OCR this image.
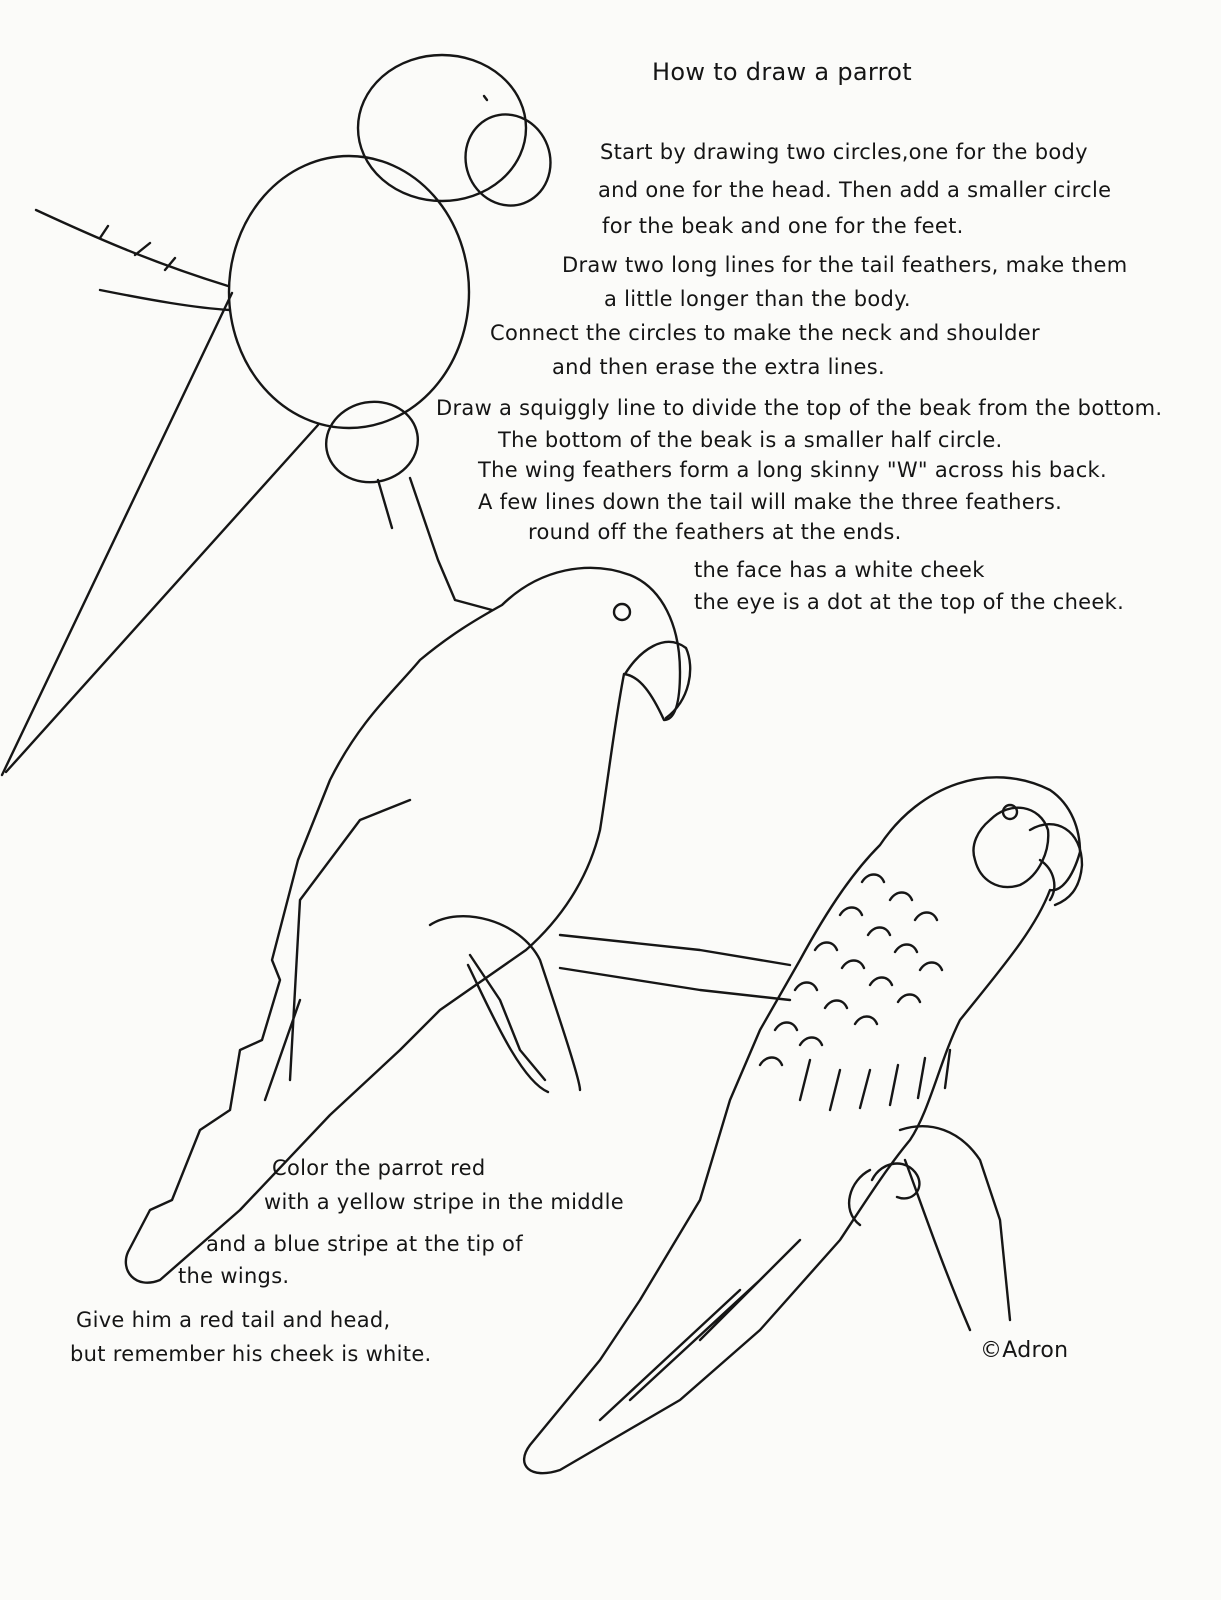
How to draw a parrot

Start by drawing two circles,one for the body

and one for the head. Then add a smaller circle

for the beak and one for the feet.

Draw two long lines for the tail feathers, make them

a little longer than the body.

Connect the circles to make the neck and shoulder

and then erase the extra lines.

Draw a squiggly line to divide the top of the beak from the bottom.

The bottom of the beak is a smaller half circle.

The wing feathers form a long skinny "W" across his back.

A few lines down the tail will make the three feathers.

round off the feathers at the ends.

the face has a white cheek

the eye is a dot at the top of the cheek.

Color the parrot red

with a yellow stripe in the middle

and a blue stripe at the tip of

the wings.

Give him a red tail and head,

but remember his cheek is white.	©Adron
